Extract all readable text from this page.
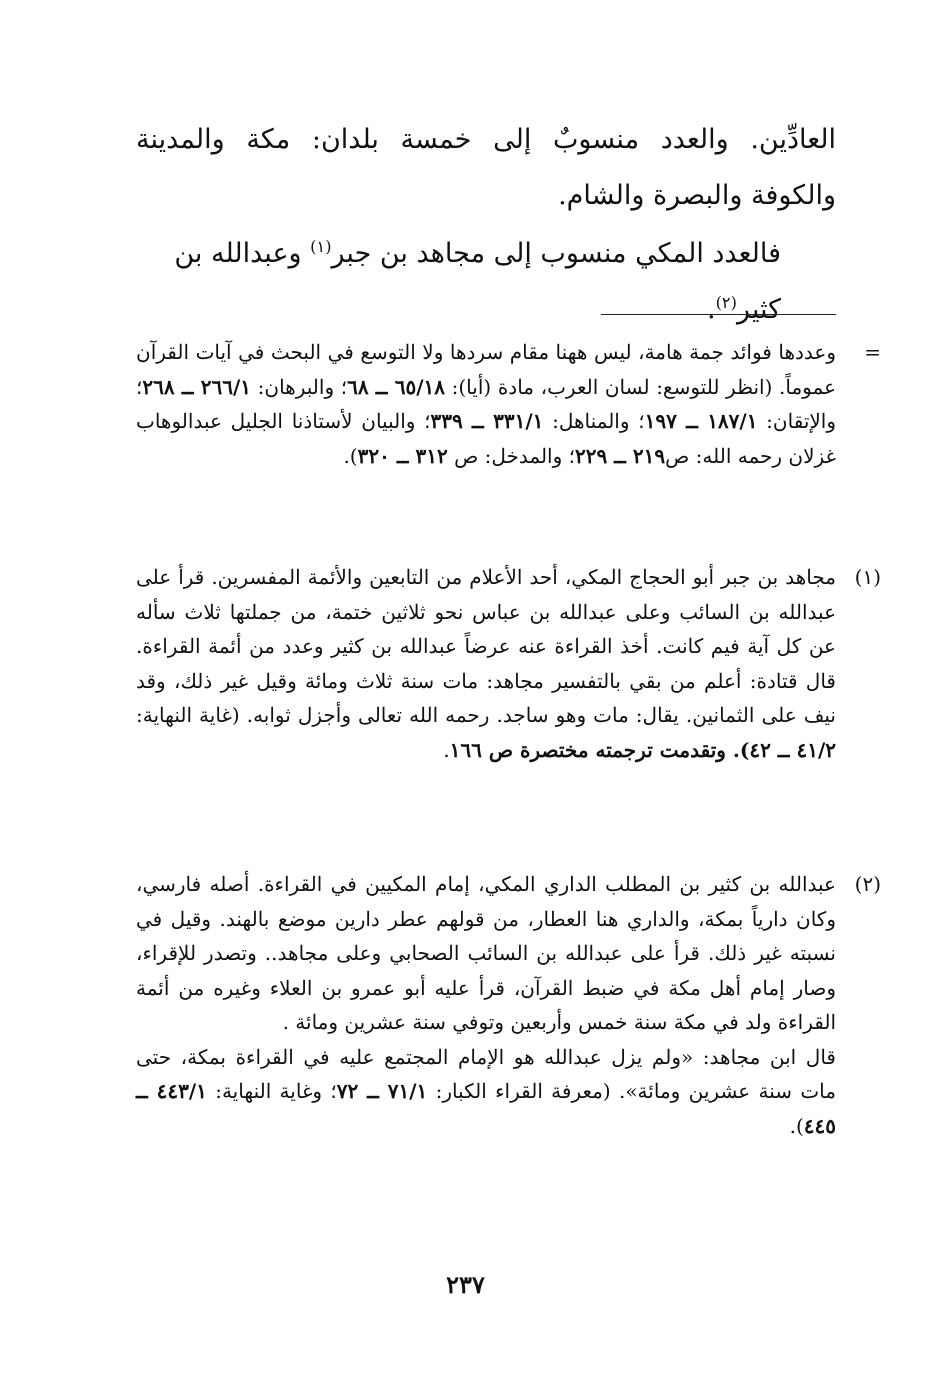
العادِّين. والعدد منسوبٌ إلى خمسة بلدان: مكة والمدينة والكوفة والبصرة والشام.
فالعدد المكي منسوب إلى مجاهد بن جبر$^{(١)}$ وعبدالله بن كثير$^{(٢)}$.
=
وعددها فوائد جمة هامة، ليس ههنا مقام سردها ولا التوسع في البحث في آيات القرآن عموماً. (انظر للتوسع: لسان العرب، مادة (أيا): ٦٥/١٨ ــ ٦٨؛ والبرهان: ٢٦٦/١ ــ ٢٦٨؛ والإتقان: ١٨٧/١ ــ ١٩٧؛ والمناهل: ٣٣١/١ ــ ٣٣٩؛ والبيان لأستاذنا الجليل عبدالوهاب غزلان رحمه الله: ص٢١٩ ــ ٢٢٩؛ والمدخل: ص ٣١٢ ــ ٣٢٠).
(١)
مجاهد بن جبر أبو الحجاج المكي، أحد الأعلام من التابعين والأئمة المفسرين. قرأ على عبدالله بن السائب وعلى عبدالله بن عباس نحو ثلاثين ختمة، من جملتها ثلاث سأله عن كل آية فيم كانت. أخذ القراءة عنه عرضاً عبدالله بن كثير وعدد من أئمة القراءة. قال قتادة: أعلم من بقي بالتفسير مجاهد: مات سنة ثلاث ومائة وقيل غير ذلك، وقد نيف على الثمانين. يقال: مات وهو ساجد. رحمه الله تعالى وأجزل ثوابه. (غاية النهاية: ٤١/٢ ــ ٤٢). وتقدمت ترجمته مختصرة ص ١٦٦.
(٢)
عبدالله بن كثير بن المطلب الداري المكي، إمام المكيين في القراءة. أصله فارسي، وكان دارياً بمكة، والداري هنا العطار، من قولهم عطر دارين موضع بالهند. وقيل في نسبته غير ذلك. قرأ على عبدالله بن السائب الصحابي وعلى مجاهد.. وتصدر للإقراء، وصار إمام أهل مكة في ضبط القرآن، قرأ عليه أبو عمرو بن العلاء وغيره من أئمة القراءة ولد في مكة سنة خمس وأربعين وتوفي سنة عشرين ومائة .
قال ابن مجاهد: «ولم يزل عبدالله هو الإمام المجتمع عليه في القراءة بمكة، حتى مات سنة عشرين ومائة». (معرفة القراء الكبار: ٧١/١ ــ ٧٢؛ وغاية النهاية: ٤٤٣/١ ــ ٤٤٥).
٢٣٧
